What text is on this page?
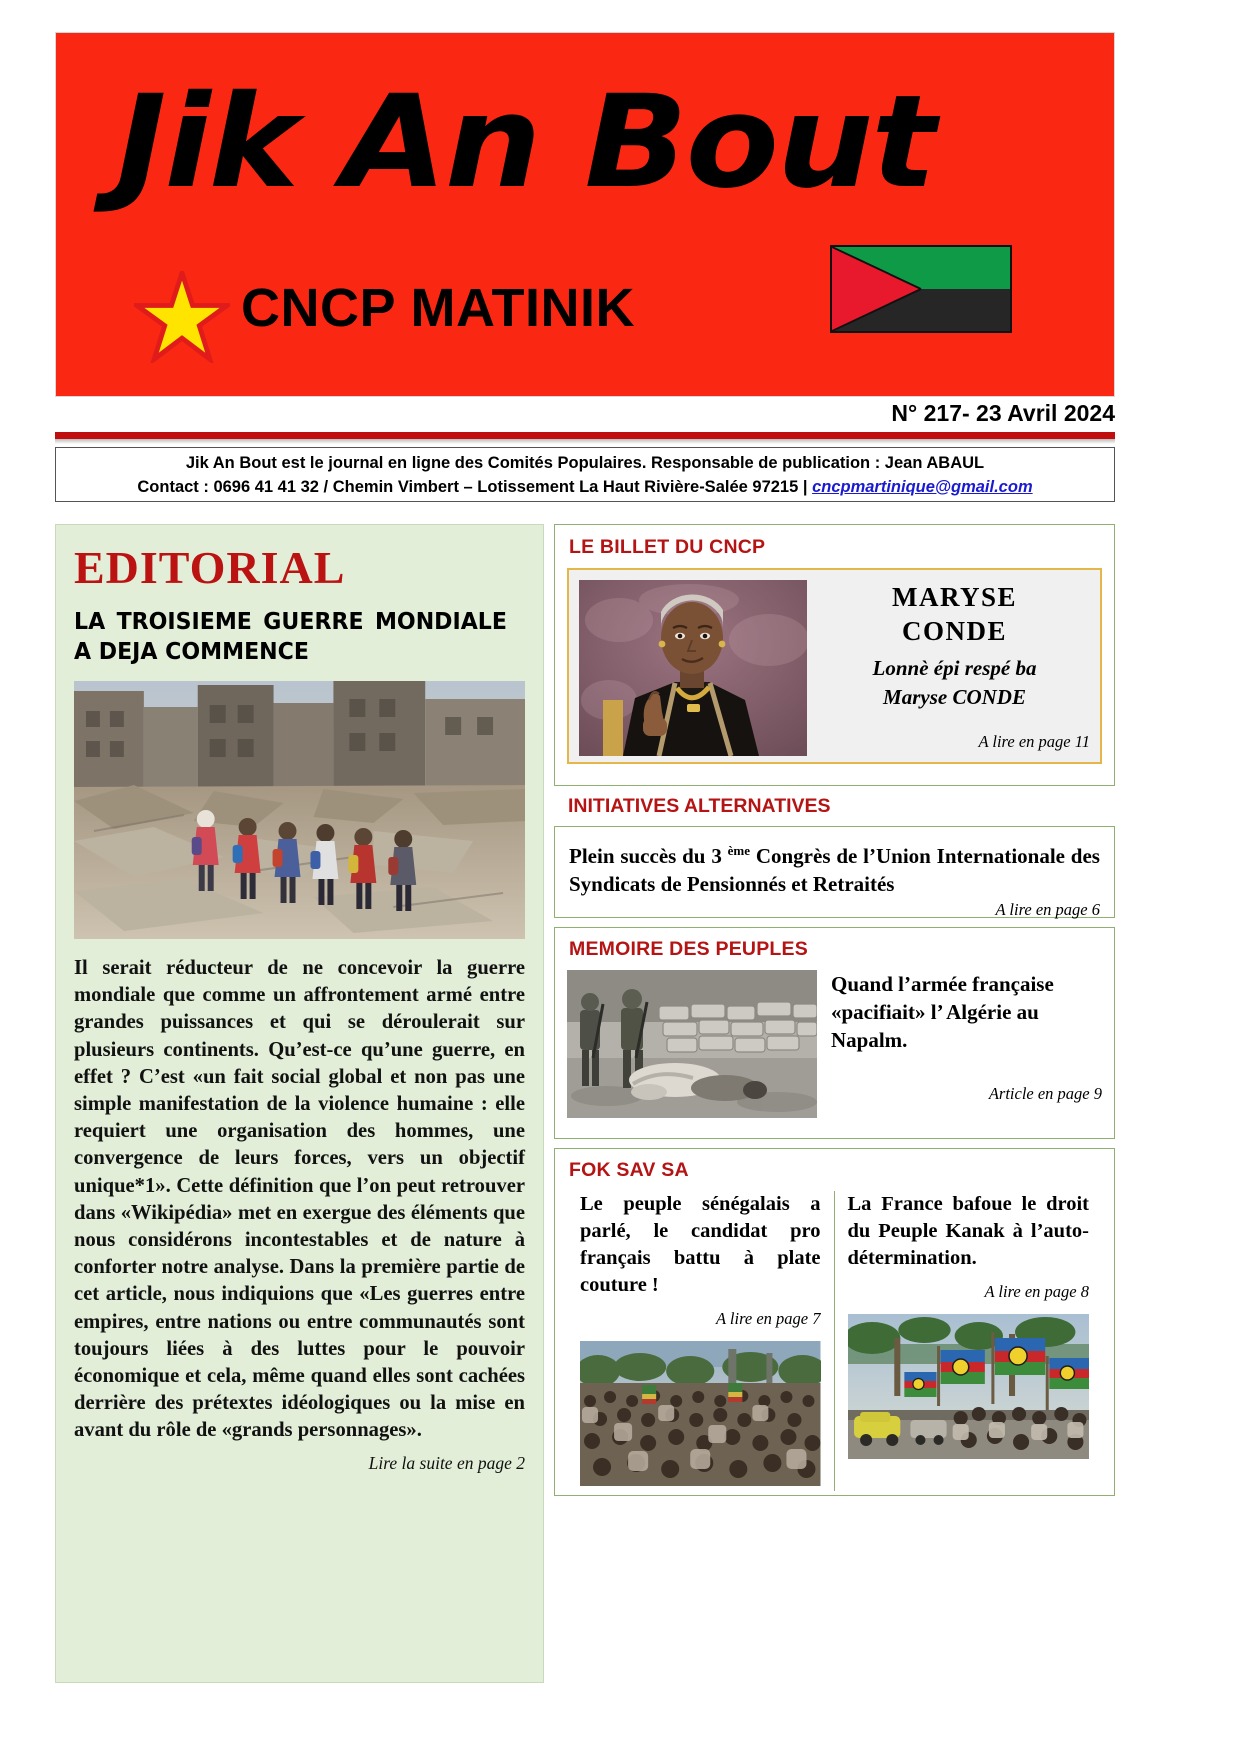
Jik An Bout
CNCP MATINIK
N° 217- 23 Avril 2024
Jik An Bout est le journal en ligne des Comités Populaires. Responsable de publication : Jean ABAUL
Contact : 0696 41 41 32 / Chemin Vimbert – Lotissement La Haut Rivière-Salée 97215 | cncpmartinique@gmail.com
EDITORIAL
LA TROISIEME GUERRE MONDIALE A DEJA COMMENCE
Il serait réducteur de ne concevoir la guerre mondiale que comme un affrontement armé entre grandes puissances et qui se déroulerait sur plusieurs continents. Qu’est-ce qu’une guerre, en effet ? C’est «un fait social global et non pas une simple manifestation de la violence humaine : elle requiert une organisation des hommes, une convergence de leurs forces, vers un objectif unique*1». Cette définition que l’on peut retrouver dans «Wikipédia» met en exergue des éléments que nous considérons incontestables et de nature à conforter notre analyse. Dans la première partie de cet article, nous indiquions que «Les guerres entre empires, entre nations ou entre communautés sont toujours liées à des luttes pour le pouvoir économique et cela, même quand elles sont cachées derrière des prétextes idéologiques ou la mise en avant du rôle de «grands personnages».
Lire la suite en page 2
LE BILLET DU CNCP
MARYSE
CONDE
Lonnè épi respé ba
Maryse CONDE
A lire en page 11
INITIATIVES ALTERNATIVES
Plein succès du 3 $^{ème}$ Congrès de l’Union Internationale des Syndicats de Pensionnés et Retraités
A lire en page 6
MEMOIRE DES PEUPLES
Quand l’armée française «pacifiait» l’ Algérie au Napalm.
Article en page 9
FOK SAV SA
Le peuple sénégalais a parlé, le candidat pro français battu à plate couture !
A lire en page 7
La France bafoue le droit du Peuple Kanak à l’auto-détermination.
A lire en page 8
